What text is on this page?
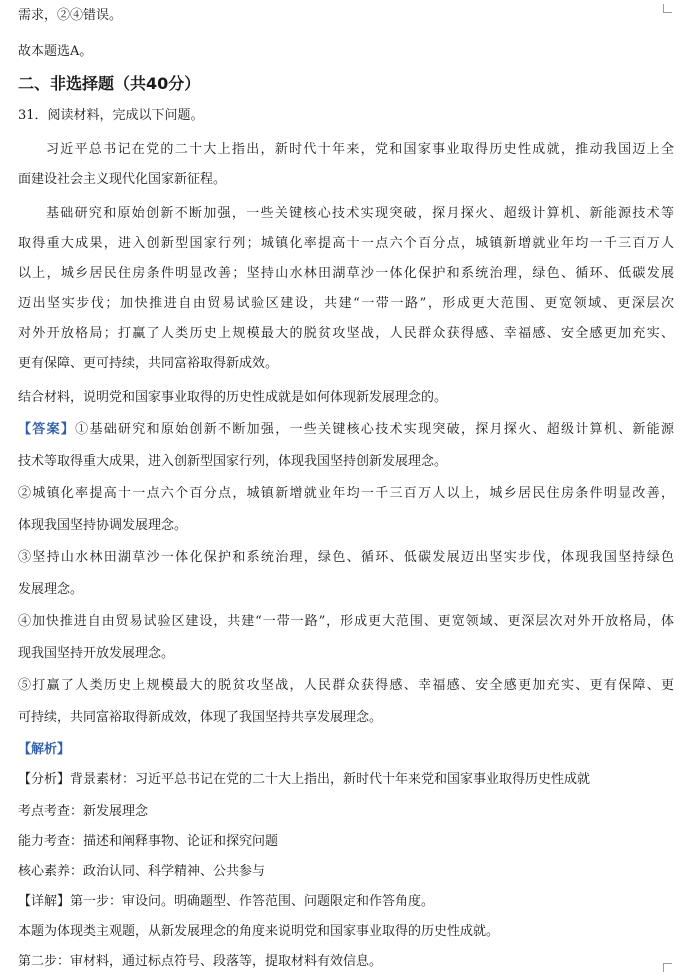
需求，②④错误。
故本题选A。
二、非选择题（共40分）
31．阅读材料，完成以下问题。
习近平总书记在党的二十大上指出，新时代十年来，党和国家事业取得历史性成就，推动我国迈上全
面建设社会主义现代化国家新征程。
基础研究和原始创新不断加强，一些关键核心技术实现突破，探月探火、超级计算机、新能源技术等
取得重大成果，进入创新型国家行列；城镇化率提高十一点六个百分点，城镇新增就业年均一千三百万人
以上，城乡居民住房条件明显改善；坚持山水林田湖草沙一体化保护和系统治理，绿色、循环、低碳发展
迈出坚实步伐；加快推进自由贸易试验区建设，共建“一带一路”，形成更大范围、更宽领域、更深层次
对外开放格局；打赢了人类历史上规模最大的脱贫攻坚战，人民群众获得感、幸福感、安全感更加充实、
更有保障、更可持续，共同富裕取得新成效。
结合材料，说明党和国家事业取得的历史性成就是如何体现新发展理念的。
【答案】①基础研究和原始创新不断加强，一些关键核心技术实现突破，探月探火、超级计算机、新能源
技术等取得重大成果，进入创新型国家行列，体现我国坚持创新发展理念。
②城镇化率提高十一点六个百分点，城镇新增就业年均一千三百万人以上，城乡居民住房条件明显改善，
体现我国坚持协调发展理念。
③坚持山水林田湖草沙一体化保护和系统治理，绿色、循环、低碳发展迈出坚实步伐，体现我国坚持绿色
发展理念。
④加快推进自由贸易试验区建设，共建“一带一路”，形成更大范围、更宽领域、更深层次对外开放格局，体
现我国坚持开放发展理念。
⑤打赢了人类历史上规模最大的脱贫攻坚战，人民群众获得感、幸福感、安全感更加充实、更有保障、更
可持续，共同富裕取得新成效，体现了我国坚持共享发展理念。
【解析】
【分析】背景素材：习近平总书记在党的二十大上指出，新时代十年来党和国家事业取得历史性成就
考点考查：新发展理念
能力考查：描述和阐释事物、论证和探究问题
核心素养：政治认同、科学精神、公共参与
【详解】第一步：审设问。明确题型、作答范围、问题限定和作答角度。
本题为体现类主观题，从新发展理念的角度来说明党和国家事业取得的历史性成就。
第二步：审材料，通过标点符号、段落等，提取材料有效信息。
